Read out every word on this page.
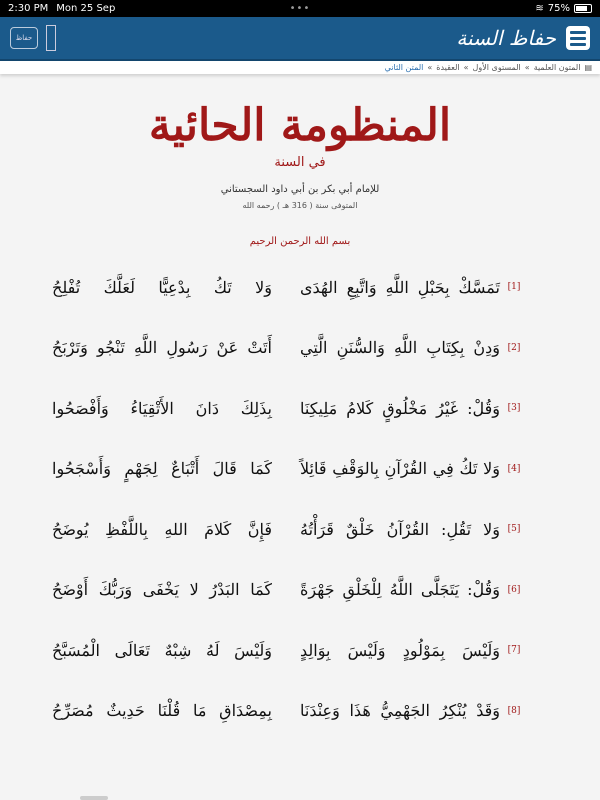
2:30 PM Mon 25 Sep	•••	≋ 75%
حفاظ	حفاظ السنة
▤
المتون العلمية
»
المستوى الأول
»
العقيدة
»
المتن الثاني
المنظومة الحائية
في السنة
للإمام أبي بكر بن أبي داود السجستاني
المتوفى سنة ( 316 هـ ) رحمه الله
بسم الله الرحمن الرحيم
[1]
تَمَسَّكْ بِحَبْلِ اللَّهِ وَاتَّبِعِ الهُدَى
وَلا تَكُ بِدْعِيًّا لَعَلَّكَ تُفْلِحُ
[2]
وَدِنْ بِكِتَابِ اللَّهِ وَالسُّنَنِ الَّتِي
أَتَتْ عَنْ رَسُولِ اللَّهِ تَنْجُو وَتَرْبَحُ
[3]
وَقُلْ: غَيْرُ مَخْلُوقٍ كَلامُ مَلِيكِنَا
بِذَلِكَ دَانَ الأَتْقِيَاءُ وَأَفْصَحُوا
[4]
وَلا تَكُ فِي القُرْآنِ بِالوَقْفِ قَائِلاً
كَمَا قَالَ أَتْبَاعٌ لِجَهْمٍ وَأَسْجَحُوا
[5]
وَلا تَقُلِ: القُرْآنُ خَلْقٌ قَرَأْتُهُ
فَإِنَّ كَلامَ اللهِ بِاللَّفْظِ يُوضَحُ
[6]
وَقُلْ: يَتَجَلَّى اللَّهُ لِلْخَلْقِ جَهْرَةً
كَمَا البَدْرُ لا يَخْفَى وَرَبُّكَ أَوْضَحُ
[7]
وَلَيْسَ بِمَوْلُودٍ وَلَيْسَ بِوَالِدٍ
وَلَيْسَ لَهُ شِبْهٌ تَعَالَى الْمُسَبَّحُ
[8]
وَقَدْ يُنْكِرُ الجَهْمِيُّ هَذَا وَعِنْدَنَا
بِمِصْدَاقِ مَا قُلْنَا حَدِيثٌ مُصَرِّحُ
